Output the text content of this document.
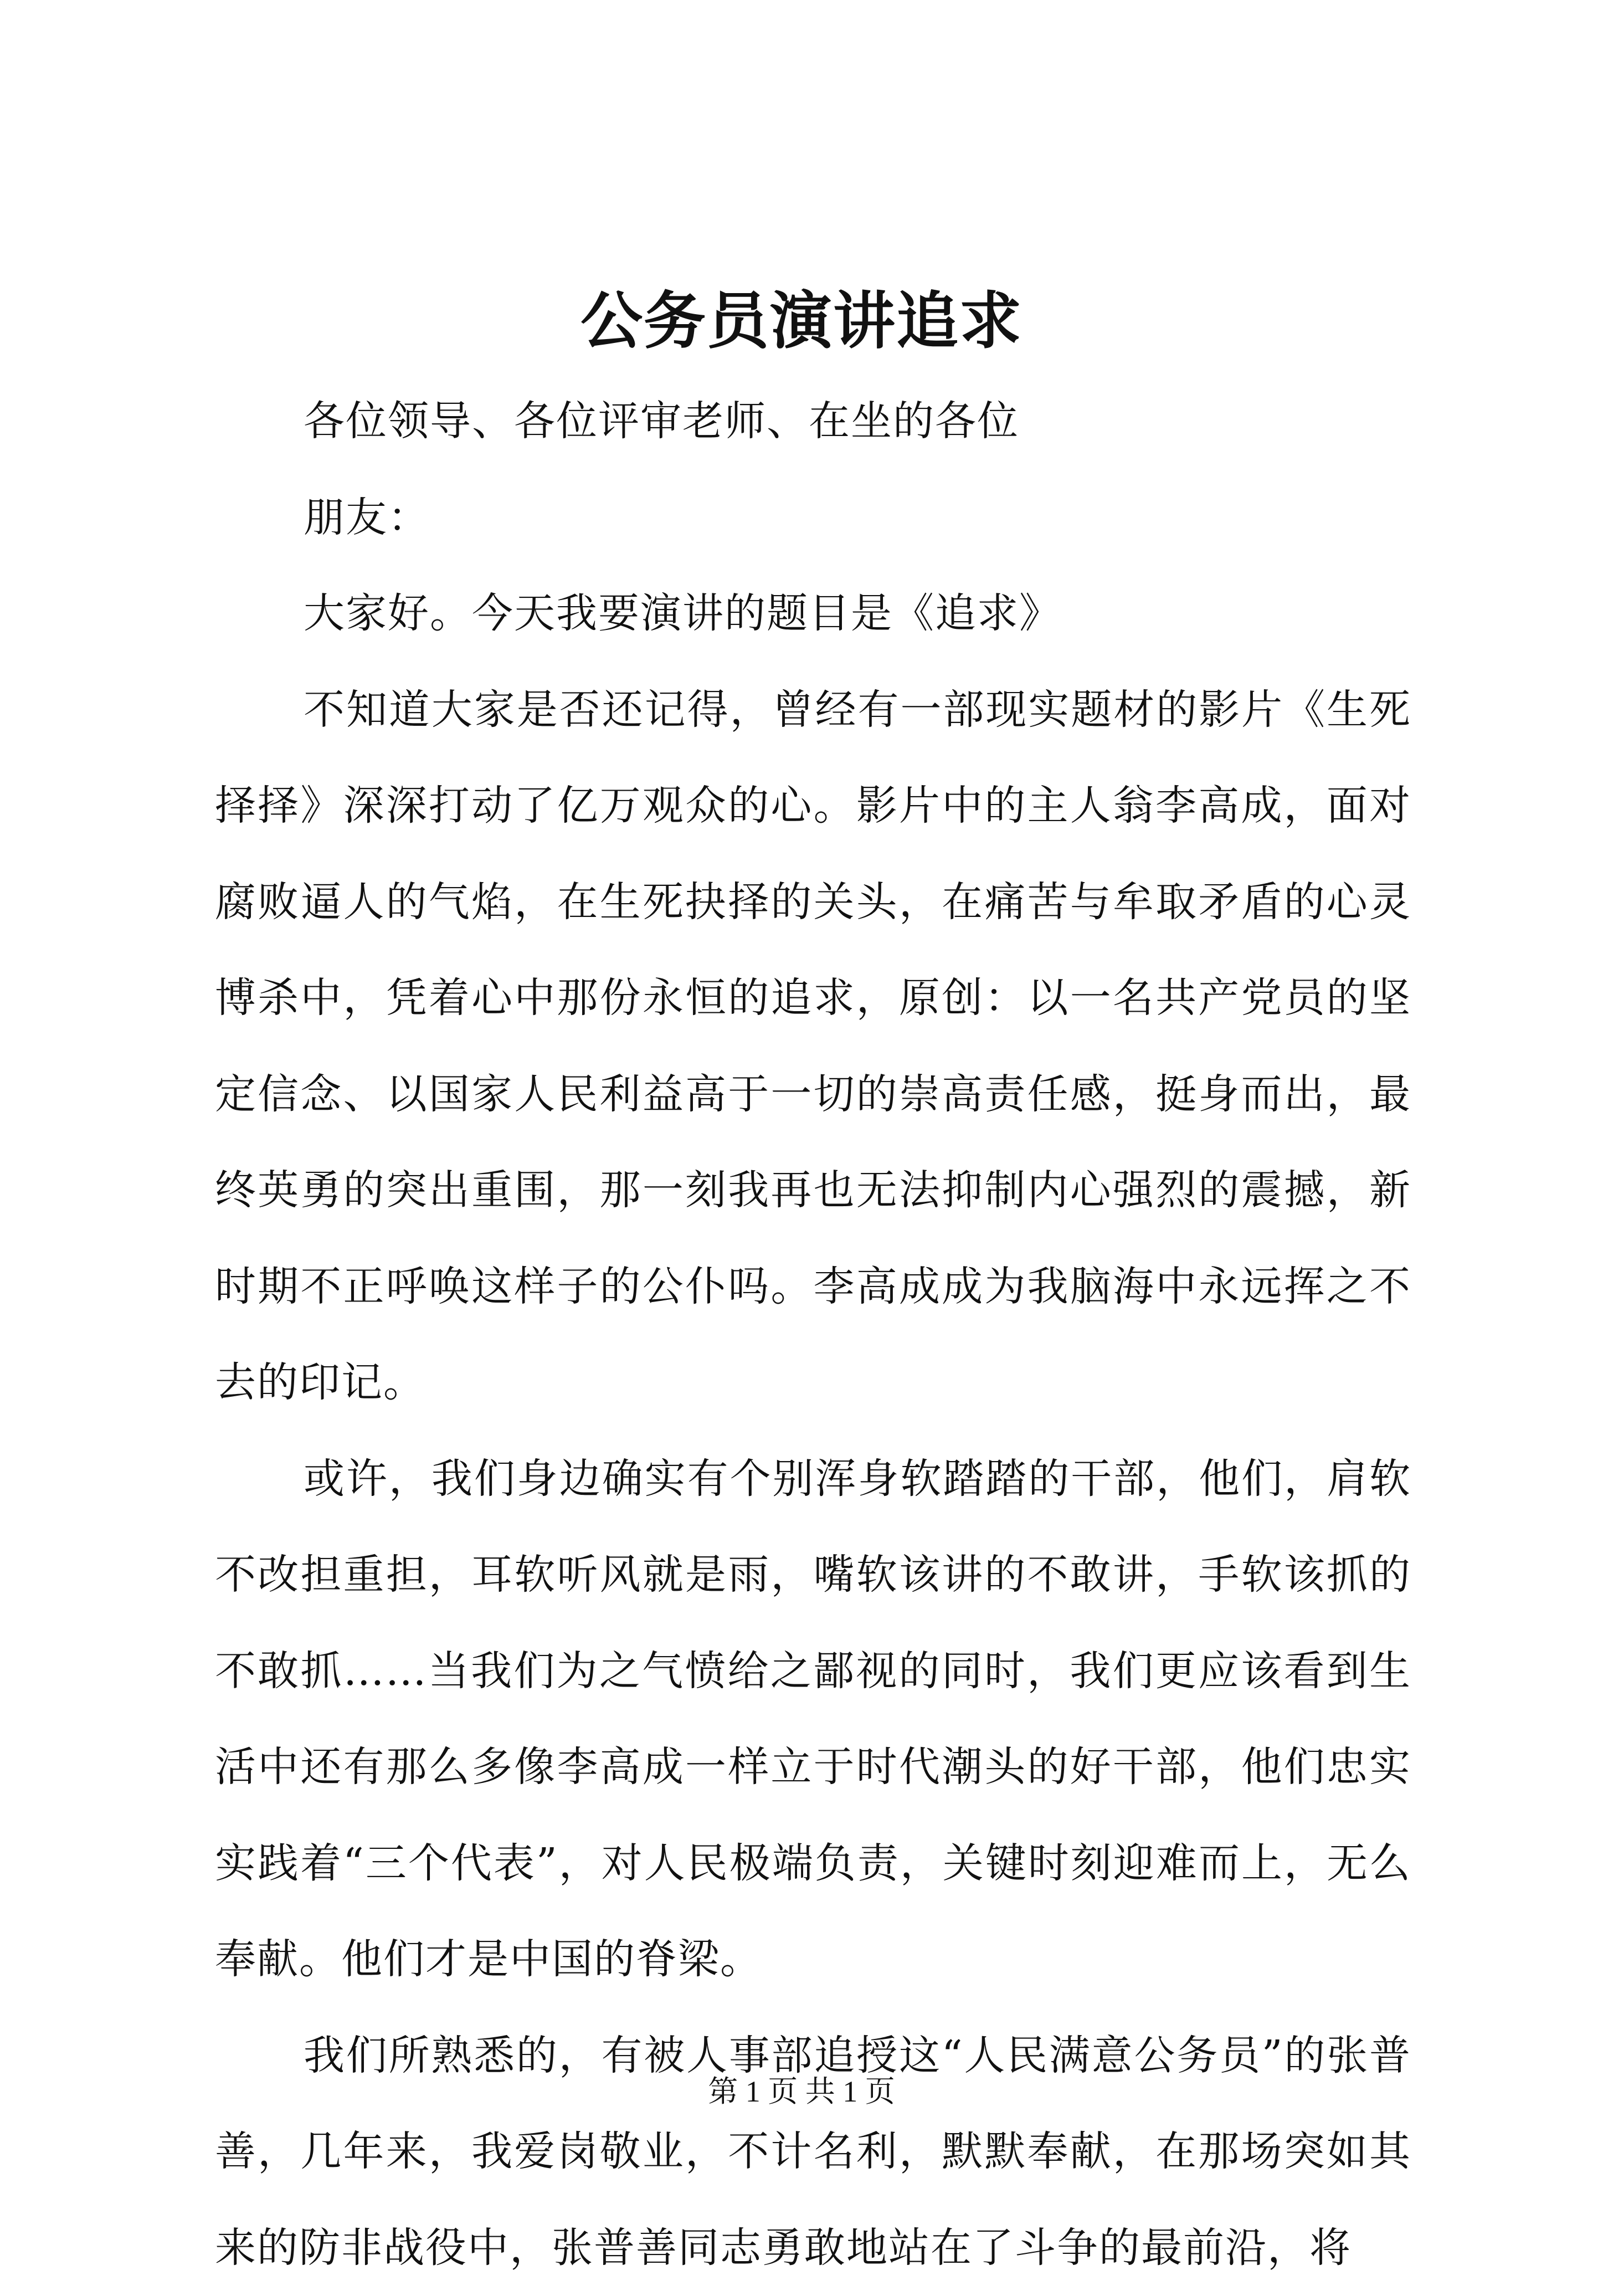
公务员演讲追求

各位领导、各位评审老师、在坐的各位

朋友：

大家好。今天我要演讲的题目是《追求》

不知道大家是否还记得，曾经有一部现实题材的影片《生死择择》深深打动了亿万观众的心。影片中的主人翁李高成，面对腐败逼人的气焰，在生死抉择的关头，在痛苦与牟取矛盾的心灵博杀中，凭着心中那份永恒的追求，原创：以一名共产党员的坚定信念、以国家人民利益高于一切的崇高责任感，挺身而出，最终英勇的突出重围，那一刻我再也无法抑制内心强烈的震撼，新时期不正呼唤这样子的公仆吗。李高成成为我脑海中永远挥之不去的印记。

或许，我们身边确实有个别浑身软踏踏的干部，他们，肩软不改担重担，耳软听风就是雨，嘴软该讲的不敢讲，手软该抓的不敢抓……当我们为之气愤给之鄙视的同时，我们更应该看到生活中还有那么多像李高成一样立于时代潮头的好干部，他们忠实实践着“三个代表”，对人民极端负责，关键时刻迎难而上，无么奉献。他们才是中国的脊梁。

我们所熟悉的，有被人事部追授这“人民满意公务员”的张普善，几年来，我爱岗敬业，不计名利，默默奉献，在那场突如其来的防非战役中，张普善同志勇敢地站在了斗争的最前沿，将

第 1 页 共 1 页
